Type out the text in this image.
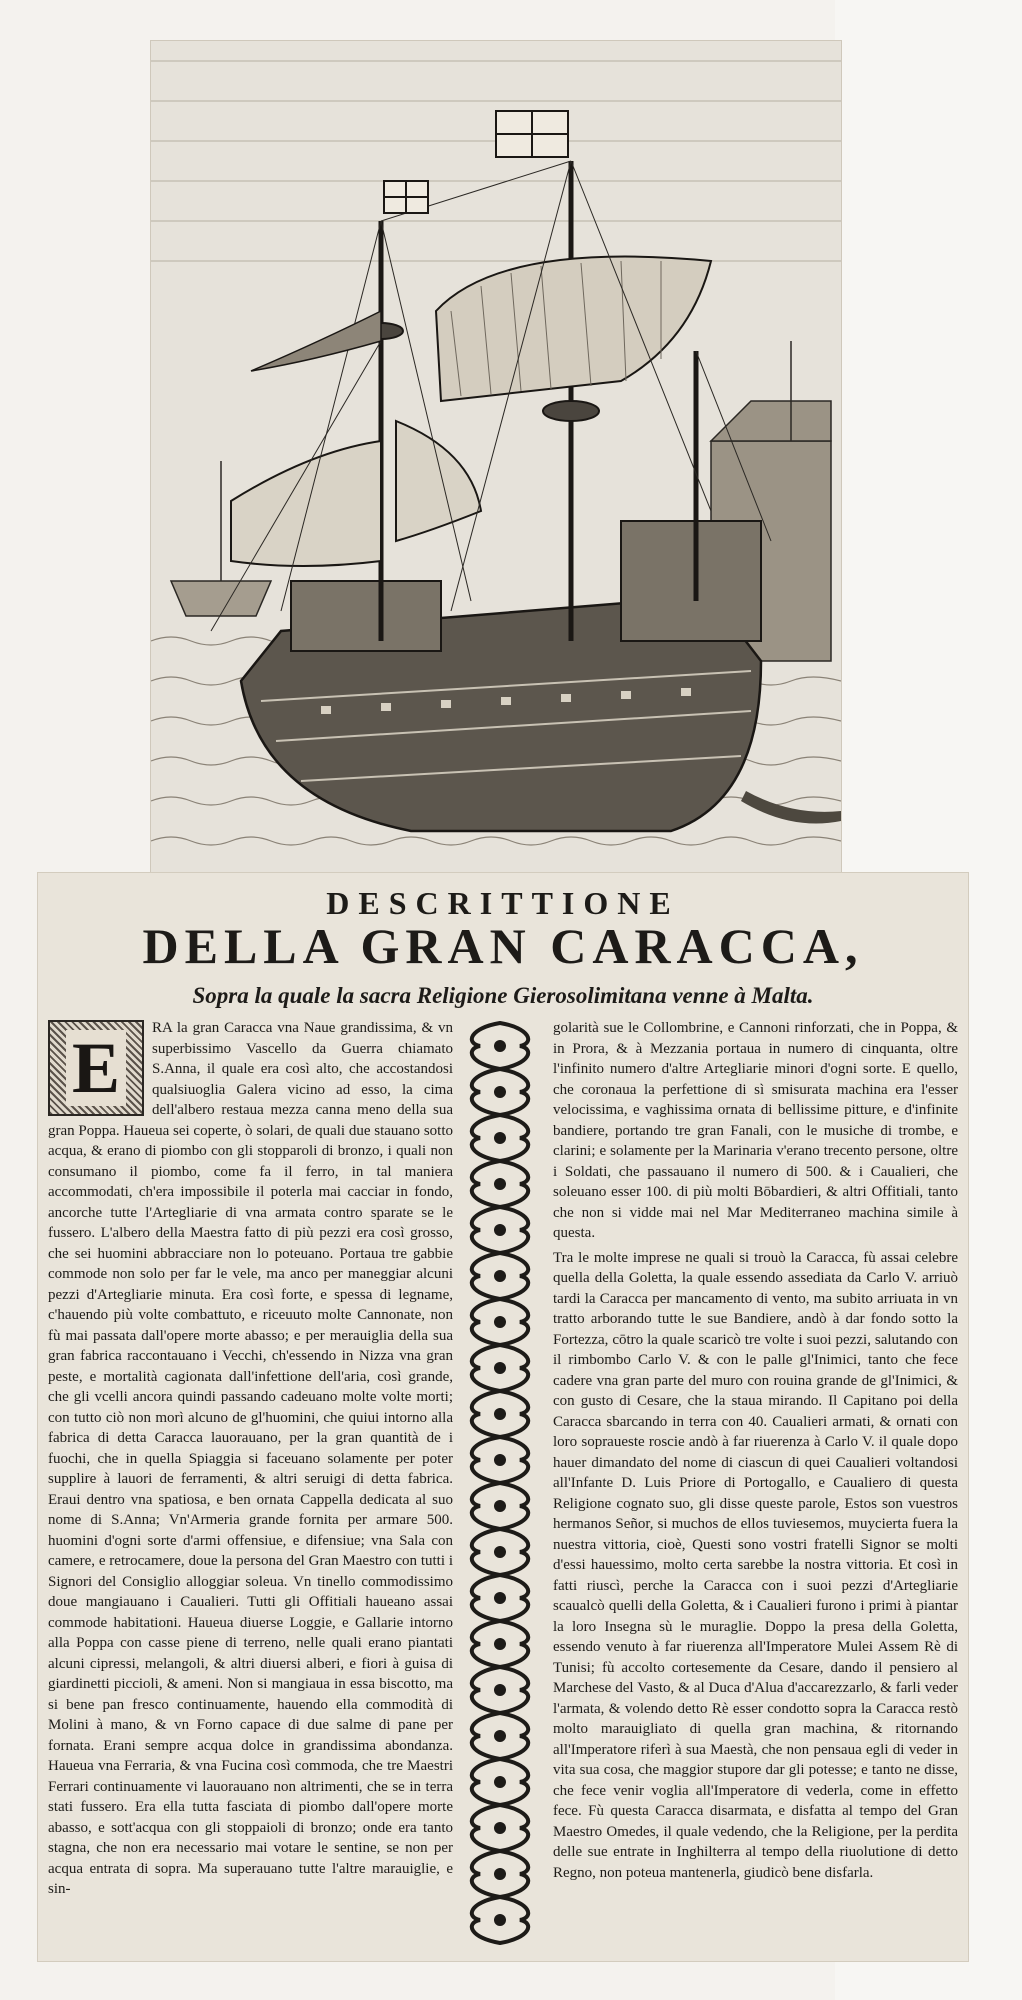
DESCRITTIONE
DELLA GRAN CARACCA,
Sopra la quale la sacra Religione Gierosolimitana venne à Malta.
E	RA la gran Caracca vna Naue grandissima, & vn superbissimo Vascello da Guerra chiamato S.Anna, il quale era così alto, che accostandosi qualsiuoglia Galera vicino ad esso, la cima dell'albero restaua mezza canna meno della sua gran Poppa. Haueua sei coperte, ò solari, de quali due stauano sotto acqua, & erano di piombo con gli stopparoli di bronzo, i quali non consumano il piombo, come fa il ferro, in tal maniera accommodati, ch'era impossibile il poterla mai cacciar in fondo, ancorche tutte l'Artegliarie di vna armata contro sparate se le fussero. L'albero della Maestra fatto di più pezzi era così grosso, che sei huomini abbracciare non lo poteuano. Portaua tre gabbie commode non solo per far le vele, ma anco per maneggiar alcuni pezzi d'Artegliarie minuta. Era così forte, e spessa di legname, c'hauendo più volte combattuto, e riceuuto molte Cannonate, non fù mai passata dall'opere morte abasso; e per merauiglia della sua gran fabrica raccontauano i Vecchi, ch'essendo in Nizza vna gran peste, e mortalità cagionata dall'infettione dell'aria, così grande, che gli vcelli ancora quindi passando cadeuano molte volte morti; con tutto ciò non morì alcuno de gl'huomini, che quiui intorno alla fabrica di detta Caracca lauorauano, per la gran quantità de i fuochi, che in quella Spiaggia si faceuano solamente per poter supplire à lauori de ferramenti, & altri seruigi di detta fabrica. Eraui dentro vna spatiosa, e ben ornata Cappella dedicata al suo nome di S.Anna; Vn'Armeria grande fornita per armare 500. huomini d'ogni sorte d'armi offensiue, e difensiue; vna Sala con camere, e retrocamere, doue la persona del Gran Maestro con tutti i Signori del Consiglio alloggiar soleua. Vn tinello commodissimo doue mangiauano i Caualieri. Tutti gli Offitiali haueano assai commode habitationi. Haueua diuerse Loggie, e Gallarie intorno alla Poppa con casse piene di terreno, nelle quali erano piantati alcuni cipressi, melangoli, & altri diuersi alberi, e fiori à guisa di giardinetti piccioli, & ameni. Non si mangiaua in essa biscotto, ma si bene pan fresco continuamente, hauendo ella commodità di Molini à mano, & vn Forno capace di due salme di pane per fornata. Erani sempre acqua dolce in grandissima abondanza. Haueua vna Ferraria, & vna Fucina così commoda, che tre Maestri Ferrari continuamente vi lauorauano non altrimenti, che se in terra stati fussero. Era ella tutta fasciata di piombo dall'opere morte abasso, e sott'acqua con gli stoppaioli di bronzo; onde era tanto stagna, che non era necessario mai votare le sentine, se non per acqua entrata di sopra. Ma superauano tutte l'altre marauiglie, e sin-

golarità sue le Collombrine, e Cannoni rinforzati, che in Poppa, & in Prora, & à Mezzania portaua in numero di cinquanta, oltre l'infinito numero d'altre Artegliarie minori d'ogni sorte. E quello, che coronaua la perfettione di sì smisurata machina era l'esser velocissima, e vaghissima ornata di bellissime pitture, e d'infinite bandiere, portando tre gran Fanali, con le musiche di trombe, e clarini; e solamente per la Marinaria v'erano trecento persone, oltre i Soldati, che passauano il numero di 500. & i Caualieri, che soleuano esser 100. di più molti Bōbardieri, & altri Offitiali, tanto che non si vidde mai nel Mar Mediterraneo machina simile à questa.

Tra le molte imprese ne quali si trouò la Caracca, fù assai celebre quella della Goletta, la quale essendo assediata da Carlo V. arriuò tardi la Caracca per mancamento di vento, ma subito arriuata in vn tratto arborando tutte le sue Bandiere, andò à dar fondo sotto la Fortezza, cōtro la quale scaricò tre volte i suoi pezzi, salutando con il rimbombo Carlo V. & con le palle gl'Inimici, tanto che fece cadere vna gran parte del muro con rouina grande de gl'Inimici, & con gusto di Cesare, che la staua mirando. Il Capitano poi della Caracca sbarcando in terra con 40. Caualieri armati, & ornati con loro sopraueste roscie andò à far riuerenza à Carlo V. il quale dopo hauer dimandato del nome di ciascun di quei Caualieri voltandosi all'Infante D. Luis Priore di Portogallo, e Caualiero di questa Religione cognato suo, gli disse queste parole, Estos son vuestros hermanos Señor, si muchos de ellos tuviesemos, muycierta fuera la nuestra vittoria, cioè, Questi sono vostri fratelli Signor se molti d'essi hauessimo, molto certa sarebbe la nostra vittoria. Et così in fatti riuscì, perche la Caracca con i suoi pezzi d'Artegliarie scaualcò quelli della Goletta, & i Caualieri furono i primi à piantar la loro Insegna sù le muraglie. Doppo la presa della Goletta, essendo venuto à far riuerenza all'Imperatore Mulei Assem Rè di Tunisi; fù accolto cortesemente da Cesare, dando il pensiero al Marchese del Vasto, & al Duca d'Alua d'accarezzarlo, & farli veder l'armata, & volendo detto Rè esser condotto sopra la Caracca restò molto marauigliato di quella gran machina, & ritornando all'Imperatore riferì à sua Maestà, che non pensaua egli di veder in vita sua cosa, che maggior stupore dar gli potesse; e tanto ne disse, che fece venir voglia all'Imperatore di vederla, come in effetto fece. Fù questa Caracca disarmata, e disfatta al tempo del Gran Maestro Omedes, il quale vedendo, che la Religione, per la perdita delle sue entrate in Inghilterra al tempo della riuolutione di detto Regno, non poteua mantenerla, giudicò bene disfarla.
